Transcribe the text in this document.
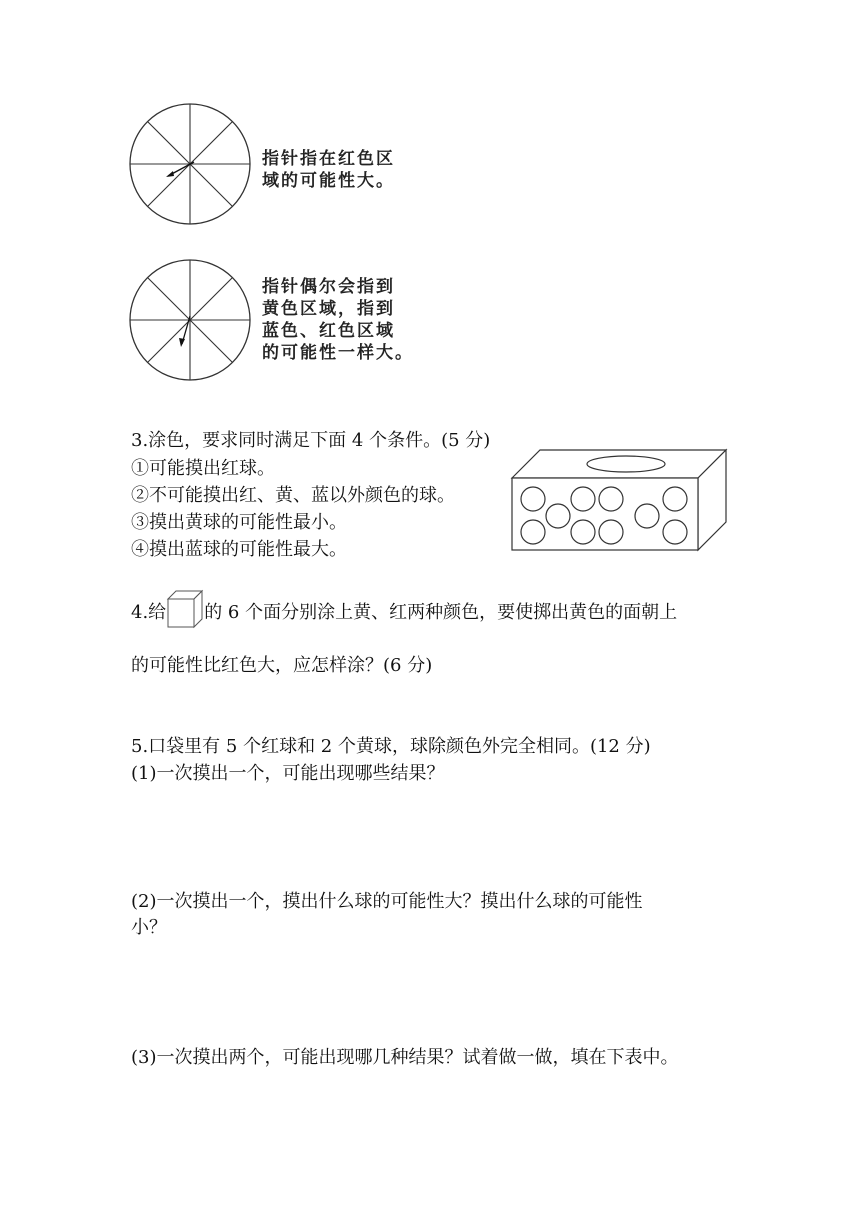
指针指在红色区
域的可能性大。
指针偶尔会指到
黄色区域，指到
蓝色、红色区域
的可能性一样大。
3.涂色，要求同时满足下面 4 个条件。(5 分)
①可能摸出红球。
②不可能摸出红、黄、蓝以外颜色的球。
③摸出黄球的可能性最小。
④摸出蓝球的可能性最大。
4.给 的 6 个面分别涂上黄、红两种颜色，要使掷出黄色的面朝上
的可能性比红色大，应怎样涂？(6 分)
5.口袋里有 5 个红球和 2 个黄球，球除颜色外完全相同。(12 分)
(1)一次摸出一个，可能出现哪些结果？
(2)一次摸出一个，摸出什么球的可能性大？摸出什么球的可能性
小？
(3)一次摸出两个，可能出现哪几种结果？试着做一做，填在下表中。
